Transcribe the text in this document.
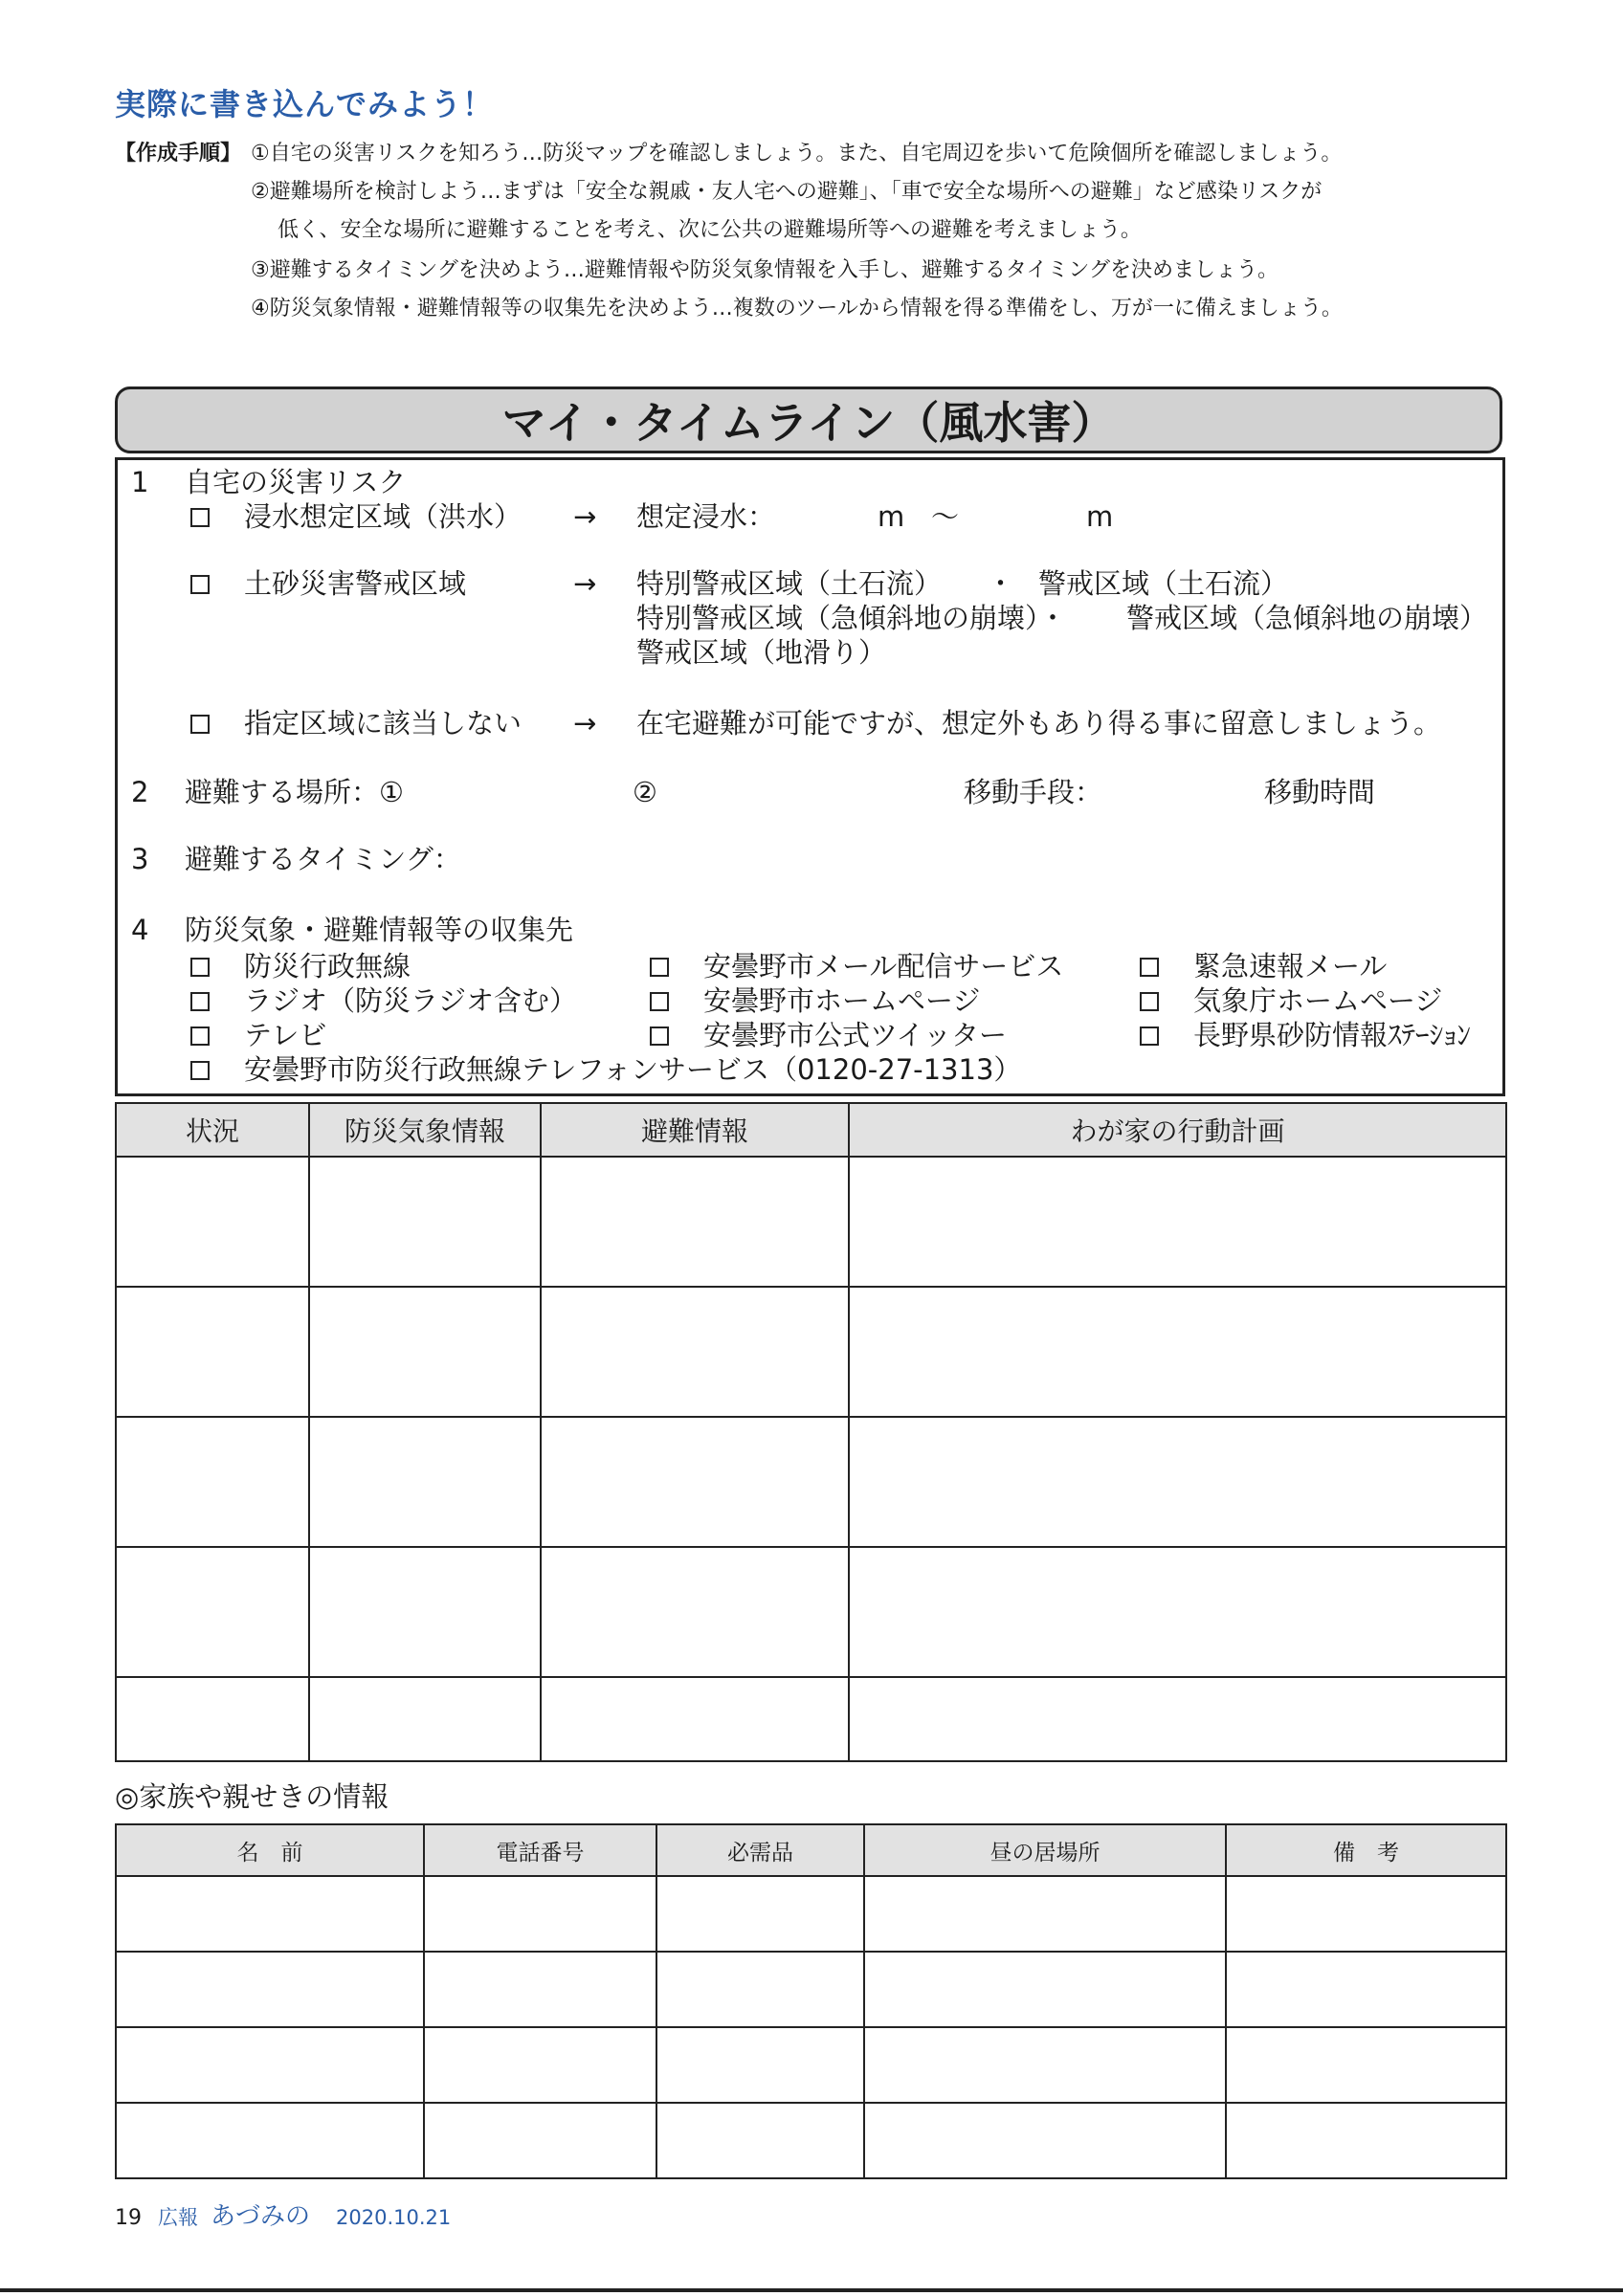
実際に書き込んでみよう！
【作成手順】 ①自宅の災害リスクを知ろう…防災マップを確認しましょう。また、自宅周辺を歩いて危険個所を確認しましょう。
②避難場所を検討しよう…まずは「安全な親戚・友人宅への避難」、「車で安全な場所への避難」など感染リスクが
低く、安全な場所に避難することを考え、次に公共の避難場所等への避難を考えましょう。
③避難するタイミングを決めよう…避難情報や防災気象情報を入手し、避難するタイミングを決めましょう。
④防災気象情報・避難情報等の収集先を決めよう…複数のツールから情報を得る準備をし、万が一に備えましょう。
マイ・タイムライン（風水害）
1 自宅の災害リスク
浸水想定区域（洪水） → 想定浸水：	m ～	m
土砂災害警戒区域	→ 特別警戒区域（土石流） ・ 警戒区域（土石流）
特別警戒区域（急傾斜地の崩壊）・ 警戒区域（急傾斜地の崩壊）
警戒区域（地滑り）
指定区域に該当しない → 在宅避難が可能ですが、想定外もあり得る事に留意しましょう。
2 避難する場所：①	②	移動手段：	移動時間
3 避難するタイミング：
4 防災気象・避難情報等の収集先
防災行政無線	安曇野市メール配信サービス	緊急速報メール
ラジオ（防災ラジオ含む）	安曇野市ホームページ	気象庁ホームページ
テレビ	安曇野市公式ツイッター	長野県砂防情報ｽﾃｰｼｮﾝ
安曇野市防災行政無線テレフォンサービス（0120-27-1313）
状況	防災気象情報	避難情報	わが家の行動計画

◎家族や親せきの情報
名　前	電話番号	必需品	昼の居場所	備　考

19 広報 あづみの 2020.10.21
